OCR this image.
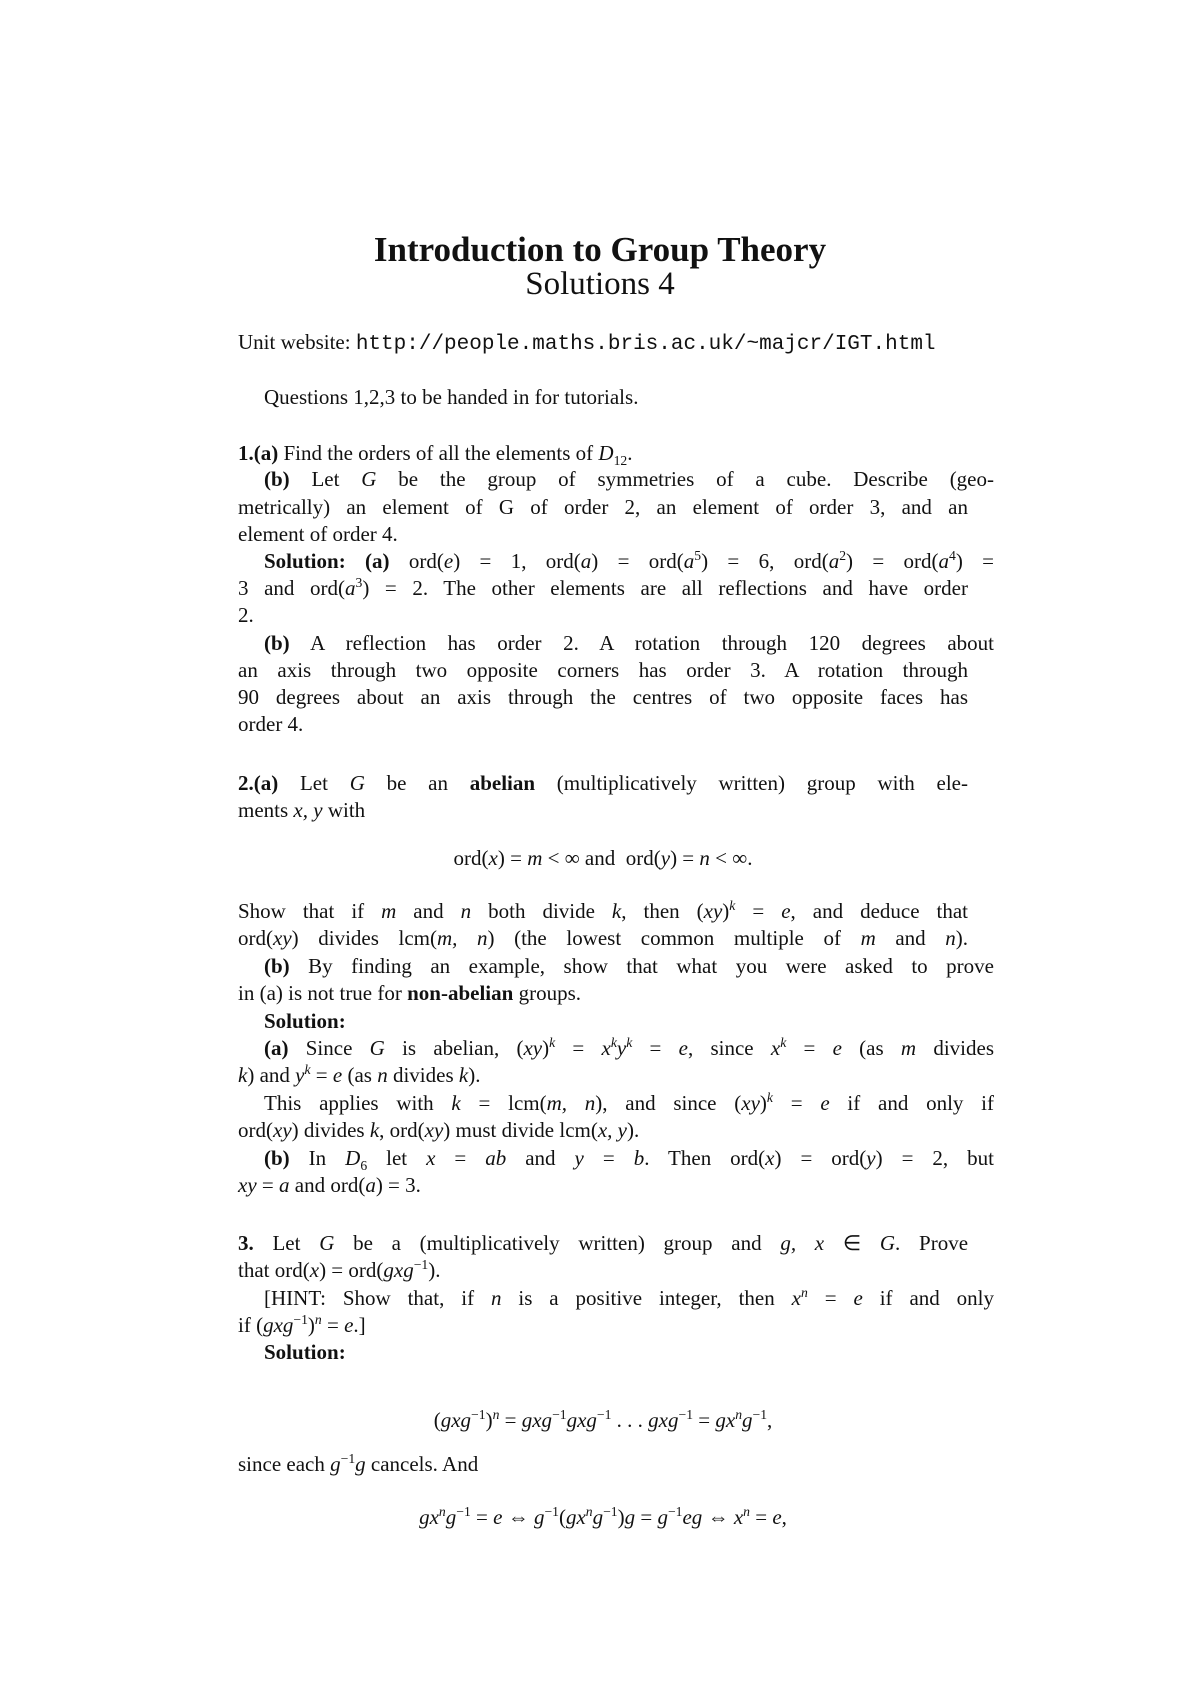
Introduction to Group Theory
Solutions 4
Unit website: http://people.maths.bris.ac.uk/~majcr/IGT.html
Questions 1,2,3 to be handed in for tutorials.
1.(a) Find the orders of all the elements of $D_{12}$.
(b) Let G be the group of symmetries of a cube. Describe (geo-
metrically) an element of G of order 2, an element of order 3, and an
element of order 4.
Solution: (a) ord(e) = 1, $ord(a) = ord(a^5) = 6$, $ord(a^2) = ord(a^4)$ =
3 and $ord(a^3) = 2$. The other elements are all reflections and have order
2.
(b) A reflection has order 2. A rotation through 120 degrees about
an axis through two opposite corners has order 3. A rotation through
90 degrees about an axis through the centres of two opposite faces has
order 4.
2.(a) Let G be an abelian (multiplicatively written) group with ele-
ments x, y with
ord(x) = m < ∞ and  ord(y) = n < ∞.
Show that if m and n both divide k, then (xy)$^k$ = e, and deduce that
ord(xy) divides lcm(m, n) (the lowest common multiple of m and n).
(b) By finding an example, show that what you were asked to prove
in (a) is not true for non-abelian groups.
Solution:
(a) Since G is abelian, $(xy)^k = x^ky^k = e$, since $x^k = e$ (as m divides
k) and $y^k = e$ (as n divides k).
This applies with k = lcm(m, n), and since (xy)$^k$ = e if and only if
ord(xy) divides k, ord(xy) must divide lcm(x, y).
(b) In $D_6$ let x = ab and y = b. Then ord(x) = ord(y) = 2, but
xy = a and ord(a) = 3.
3. Let G be a (multiplicatively written) group and g, x ∈ G. Prove
that ord(x) = ord(gxg$^{-1}$).
[HINT: Show that, if n is a positive integer, then $x^n = e$ if and only
if $(gxg^{-1})^n = e$.]
Solution:
$(gxg^{-1})^n = gxg^{-1}gxg^{-1}$ . . . $gxg^{-1} = gx^ng^{-1}$,
since each $g^{-1}g$ cancels. And
$gx^ng^{-1} = e$ ⇔ $g^{-1}(gx^ng^{-1})g = g^{-1}eg$ ⇔ $x^n = e$,
